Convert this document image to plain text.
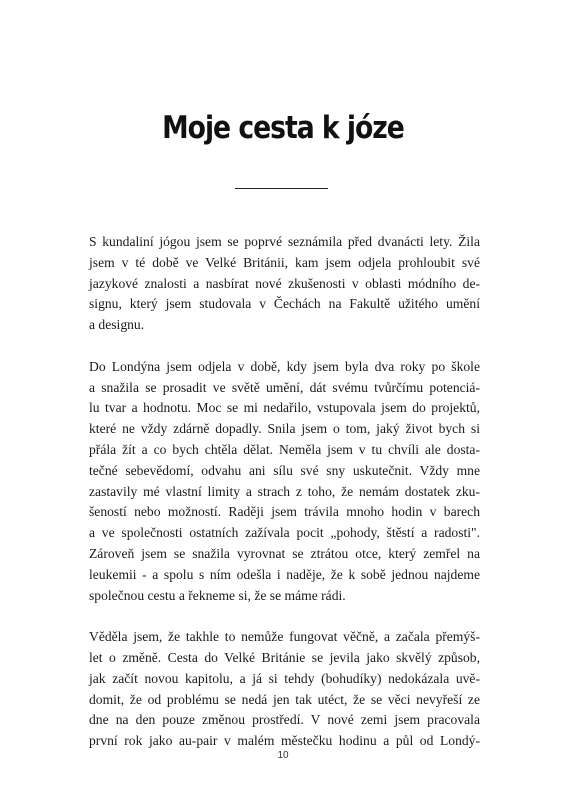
Moje cesta k józe

S kundaliní jógou jsem se poprvé seznámila před dvanácti lety. Žila
jsem v té době ve Velké Británii, kam jsem odjela prohloubit své
jazykové znalosti a nasbírat nové zkušenosti v oblasti módního de-
signu, který jsem studovala v Čechách na Fakultě užitého umění
a designu.

Do Londýna jsem odjela v době, kdy jsem byla dva roky po škole
a snažila se prosadit ve světě umění, dát svému tvůrčímu potenciá-
lu tvar a hodnotu. Moc se mi nedařilo, vstupovala jsem do projektů,
které ne vždy zdárně dopadly. Snila jsem o tom, jaký život bych si
přála žít a co bych chtěla dělat. Neměla jsem v tu chvíli ale dosta-
tečné sebevědomí, odvahu ani sílu své sny uskutečnit. Vždy mne
zastavily mé vlastní limity a strach z toho, že nemám dostatek zku-
šeností nebo možností. Raději jsem trávila mnoho hodin v barech
a ve společnosti ostatních zažívala pocit „pohody, štěstí a radosti".
Zároveň jsem se snažila vyrovnat se ztrátou otce, který zemřel na
leukemii - a spolu s ním odešla i naděje, že k sobě jednou najdeme
společnou cestu a řekneme si, že se máme rádi.

Věděla jsem, že takhle to nemůže fungovat věčně, a začala přemýš-
let o změně. Cesta do Velké Británie se jevila jako skvělý způsob,
jak začít novou kapitolu, a já si tehdy (bohudíky) nedokázala uvě-
domit, že od problému se nedá jen tak utéct, že se věci nevyřeší ze
dne na den pouze změnou prostředí. V nové zemi jsem pracovala
první rok jako au-pair v malém městečku hodinu a půl od Londý-

10
